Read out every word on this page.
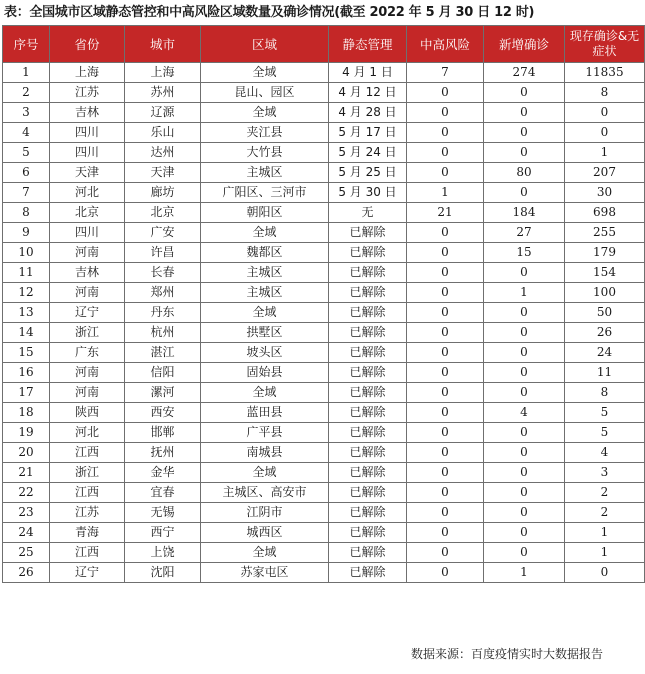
表：全国城市区域静态管控和中高风险区域数量及确诊情况(截至 2022 年 5 月 30 日 12 时)
序号	省份	城市	区域	静态管理	中高风险	新增确诊	现存确诊&无症状
1	上海	上海	全域	4 月 1 日	7	274	11835
2	江苏	苏州	昆山、园区	4 月 12 日	0	0	8
3	吉林	辽源	全域	4 月 28 日	0	0	0
4	四川	乐山	夹江县	5 月 17 日	0	0	0
5	四川	达州	大竹县	5 月 24 日	0	0	1
6	天津	天津	主城区	5 月 25 日	0	80	207
7	河北	廊坊	广阳区、三河市	5 月 30 日	1	0	30
8	北京	北京	朝阳区	无	21	184	698
9	四川	广安	全域	已解除	0	27	255
10	河南	许昌	魏都区	已解除	0	15	179
11	吉林	长春	主城区	已解除	0	0	154
12	河南	郑州	主城区	已解除	0	1	100
13	辽宁	丹东	全域	已解除	0	0	50
14	浙江	杭州	拱墅区	已解除	0	0	26
15	广东	湛江	坡头区	已解除	0	0	24
16	河南	信阳	固始县	已解除	0	0	11
17	河南	漯河	全域	已解除	0	0	8
18	陕西	西安	蓝田县	已解除	0	4	5
19	河北	邯郸	广平县	已解除	0	0	5
20	江西	抚州	南城县	已解除	0	0	4
21	浙江	金华	全域	已解除	0	0	3
22	江西	宜春	主城区、高安市	已解除	0	0	2
23	江苏	无锡	江阴市	已解除	0	0	2
24	青海	西宁	城西区	已解除	0	0	1
25	江西	上饶	全域	已解除	0	0	1
26	辽宁	沈阳	苏家屯区	已解除	0	1	0
数据来源：百度疫情实时大数据报告
